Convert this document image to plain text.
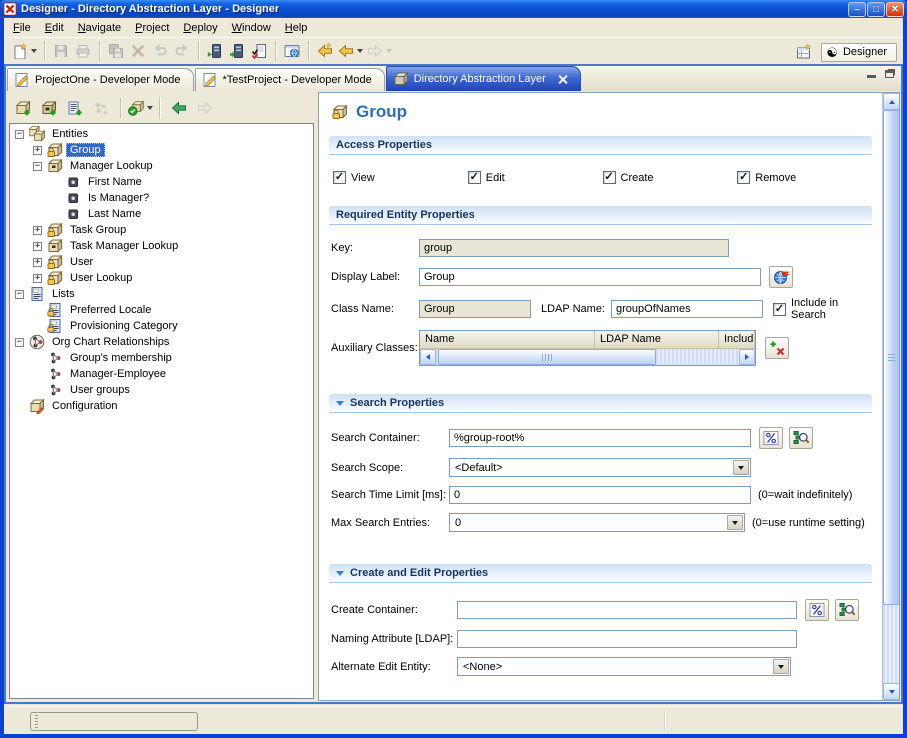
Designer - Directory Abstraction Layer - Designer	–	□	✕
File	Edit	Navigate	Project	Deploy	Window	Help
☯ Designer
ProjectOne - Developer Mode	*TestProject - Developer Mode	Directory Abstraction Layer
−	Entities
+	Group
−	Manager Lookup
First Name
Is Manager?
Last Name
+	Task Group
+	Task Manager Lookup
+	User
+	User Lookup
−	Lists
Preferred Locale
Provisioning Category
−	Org Chart Relationships
Group's membership
Manager-Employee
User groups
Configuration
Group
Access Properties
✓ View	✓ Edit	✓ Create	✓ Remove
Required Entity Properties
Key:
group
Display Label:
Group
Class Name:
Group	LDAP Name:
groupOfNames	✓ Include in Search
Auxiliary Classes:
Name	LDAP Name	Includ
Search Properties
Search Container:
%group-root%
Search Scope:	<Default>
Search Time Limit [ms]:
0	(0=wait indefinitely)
Max Search Entries:	0	(0=use runtime setting)
Create and Edit Properties
Create Container:
Naming Attribute [LDAP]:
Alternate Edit Entity:	<None>
